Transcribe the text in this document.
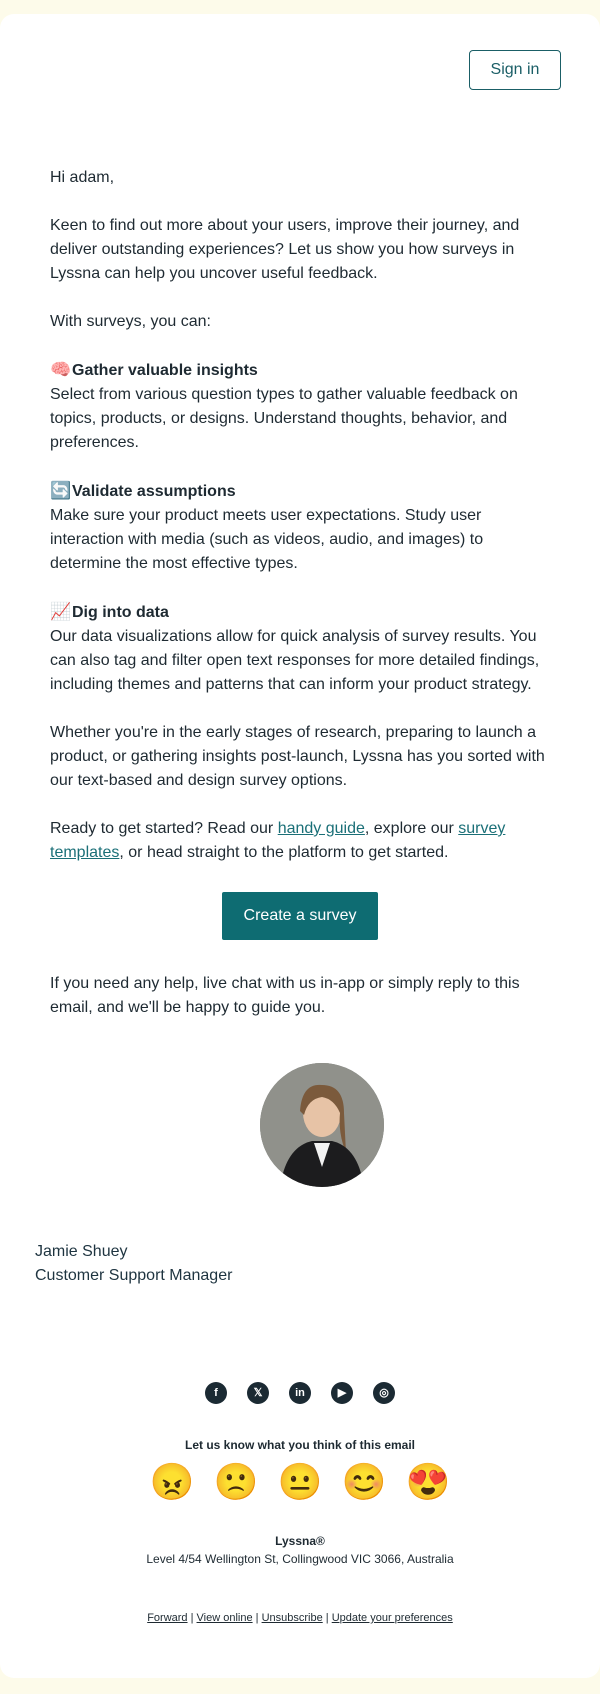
Sign in

Hi adam,

Keen to find out more about your users, improve their journey, and deliver outstanding experiences? Let us show you how surveys in Lyssna can help you uncover useful feedback.

With surveys, you can:

🧠Gather valuable insights

Select from various question types to gather valuable feedback on topics, products, or designs. Understand thoughts, behavior, and preferences.

🔄Validate assumptions

Make sure your product meets user expectations. Study user interaction with media (such as videos, audio, and images) to determine the most effective types.

📈Dig into data

Our data visualizations allow for quick analysis of survey results. You can also tag and filter open text responses for more detailed findings, including themes and patterns that can inform your product strategy.

Whether you're in the early stages of research, preparing to launch a product, or gathering insights post-launch, Lyssna has you sorted with our text-based and design survey options.

Ready to get started? Read our handy guide, explore our survey templates, or head straight to the platform to get started.

Create a survey

If you need any help, live chat with us in-app or simply reply to this email, and we'll be happy to guide you.

Jamie Shuey
Customer Support Manager
f	𝕏	in	▶	◎
Let us know what you think of this email
😠 🙁 😐 😊 😍
Lyssna®
Level 4/54 Wellington St, Collingwood VIC 3066, Australia
Forward | View online | Unsubscribe | Update your preferences
